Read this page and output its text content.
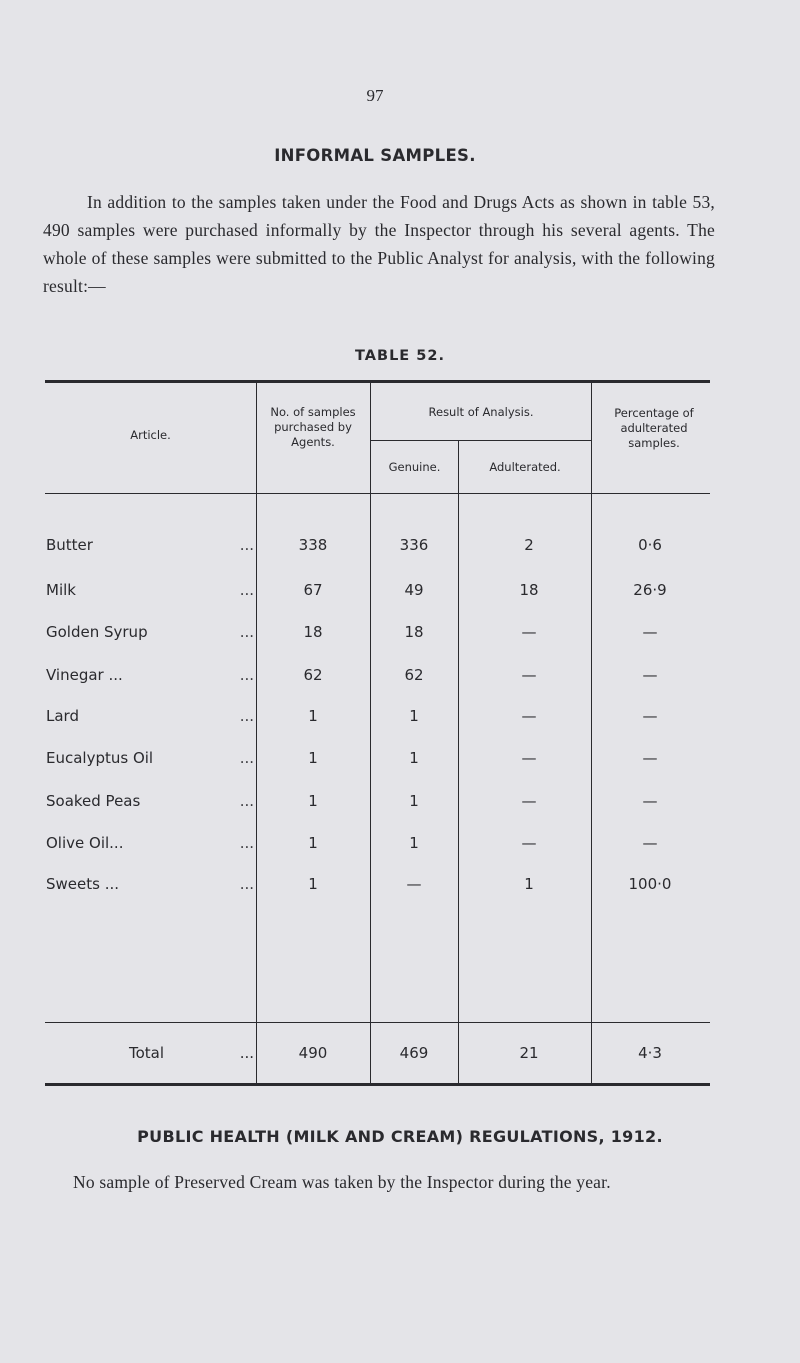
97
INFORMAL SAMPLES.

In addition to the samples taken under the Food and Drugs Acts as shown in table 53, 490 samples were purchased informally by the Inspector through his several agents. The whole of these samples were submitted to the Public Analyst for analysis, with the following result:—

TABLE 52.
Article.
No. of samples purchased by Agents.
Result of Analysis.
Genuine.	Adulterated.
Percentage of adulterated samples.
Butter	...	338	336	2	0·6
Milk	...	67	49	18	26·9
Golden Syrup	...	18	18	—	—
Vinegar ...	...	62	62	—	—
Lard	...	1	1	—	—
Eucalyptus Oil	...	1	1	—	—
Soaked Peas	...	1	1	—	—
Olive Oil...	...	1	1	—	—
Sweets ...	...	1	—	1	100·0
Total	...	490	469	21	4·3
PUBLIC HEALTH (MILK AND CREAM) REGULATIONS, 1912.

No sample of Preserved Cream was taken by the Inspector during the year.
